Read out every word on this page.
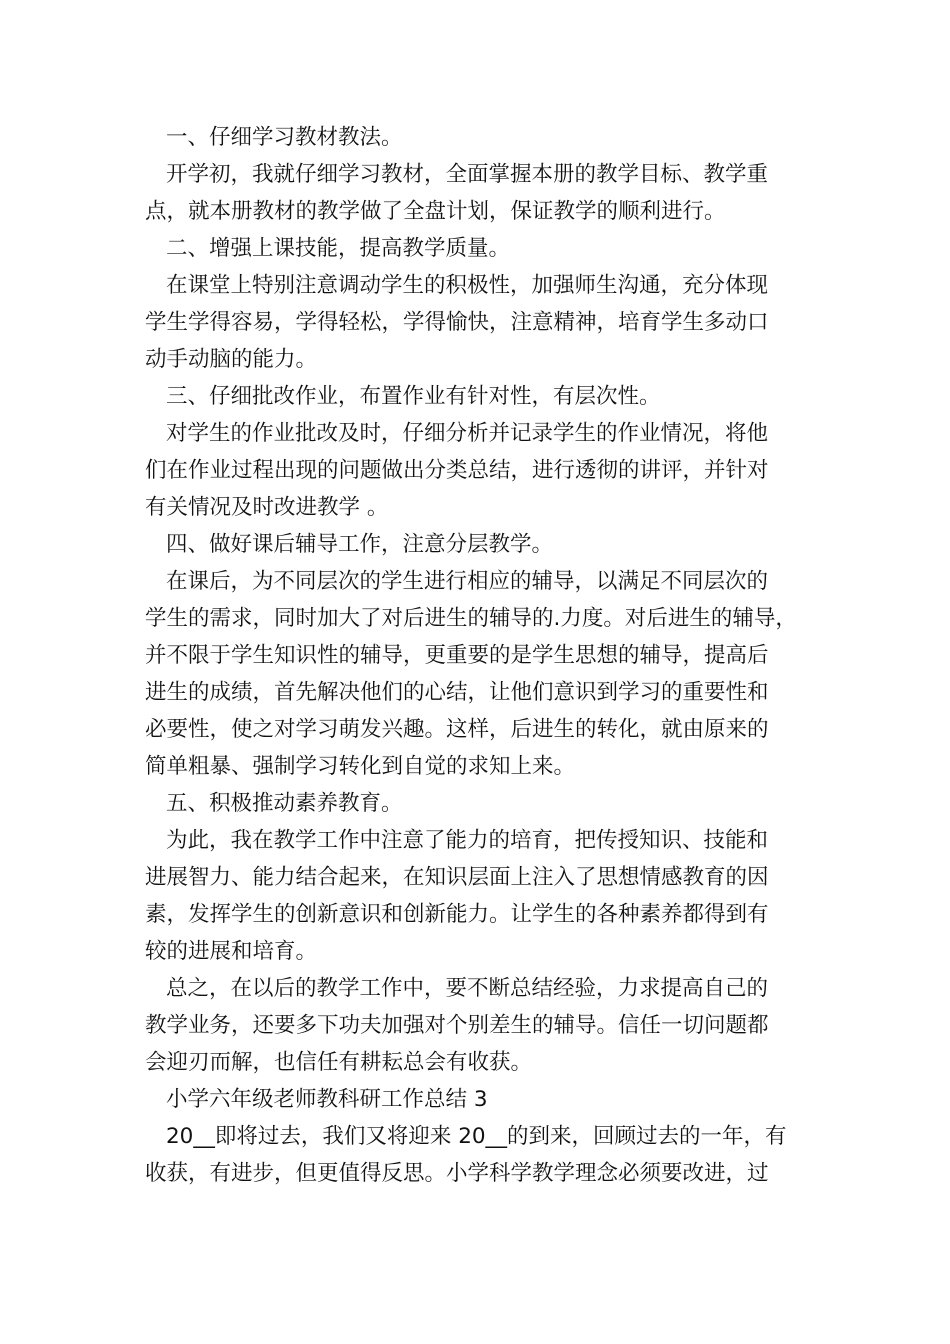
一、仔细学习教材教法。
开学初，我就仔细学习教材，全面掌握本册的教学目标、教学重
点，就本册教材的教学做了全盘计划，保证教学的顺利进行。
二、增强上课技能，提高教学质量。
在课堂上特别注意调动学生的积极性，加强师生沟通，充分体现
学生学得容易，学得轻松，学得愉快，注意精神，培育学生多动口
动手动脑的能力。
三、仔细批改作业，布置作业有针对性，有层次性。
对学生的作业批改及时，仔细分析并记录学生的作业情况，将他
们在作业过程出现的问题做出分类总结，进行透彻的讲评，并针对
有关情况及时改进教学 。
四、做好课后辅导工作，注意分层教学。
在课后，为不同层次的学生进行相应的辅导，以满足不同层次的
学生的需求，同时加大了对后进生的辅导的.力度。对后进生的辅导，
并不限于学生知识性的辅导，更重要的是学生思想的辅导，提高后
进生的成绩，首先解决他们的心结，让他们意识到学习的重要性和
必要性，使之对学习萌发兴趣。这样，后进生的转化，就由原来的
简单粗暴、强制学习转化到自觉的求知上来。
五、积极推动素养教育。
为此，我在教学工作中注意了能力的培育，把传授知识、技能和
进展智力、能力结合起来，在知识层面上注入了思想情感教育的因
素，发挥学生的创新意识和创新能力。让学生的各种素养都得到有
较的进展和培育。
总之，在以后的教学工作中，要不断总结经验，力求提高自己的
教学业务，还要多下功夫加强对个别差生的辅导。信任一切问题都
会迎刃而解，也信任有耕耘总会有收获。
小学六年级老师教科研工作总结 3
20__即将过去，我们又将迎来 20__的到来，回顾过去的一年，有
收获，有进步，但更值得反思。小学科学教学理念必须要改进，过
